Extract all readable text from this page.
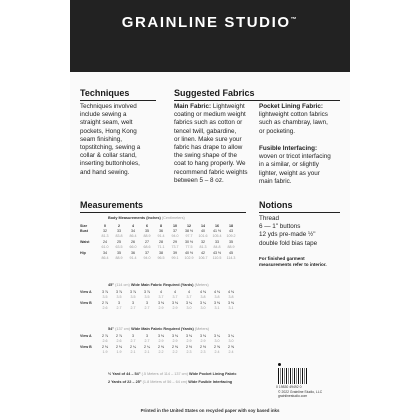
GRAINLINE STUDIO™
Techniques
Techniques involved
include sewing a
straight seam, welt
pockets, Hong Kong
seam finishing,
topstitching, sewing a
collar & collar stand,
inserting buttonholes,
and hand sewing.
Suggested Fabrics
Main Fabric: Lightweight
coating or medium weight
fabrics such as cotton or
tencel twill, gabardine,
or linen. Make sure your
fabric has drape to allow
the swing shape of the
coat to hang properly. We
recommend fabric weights
between 5 – 8 oz.
Pocket Lining Fabric:
lightweight cotton fabrics
such as chambray, lawn,
or pocketing.
Fusible Interfacing:
woven or tricot interfacing
in a similar, or slightly
lighter, weight as your
main fabric.
Measurements
Body Measurements (Inches) (Centimeters)
Size	0	2	4	6	8	10	12	14	16	18
Bust	32	33	34	35	36	37	38 ½	40	41 ½	43
	81.3	83.8	86.4	88.9	91.4	94.0	97.7	101.6	105.4	109.2
Waist	24	25	26	27	28	29	30 ½	32	33	35
	61.0	63.5	66.0	68.6	71.1	73.7	77.5	81.3	84.8	88.9
Hip	34	35	36	37	38	39	40 ½	42	43 ½	45
	86.4	88.9	91.4	94.0	96.5	99.1	102.9	106.7	110.5	114.3
45" (114 cm) Wide Main Fabric Required (Yards) (Meters)
View A	3 ⅞	3 ⅞	3 ⅞	3 ⅞	4	4	4	4 ⅛	4 ⅛	4 ⅛
	3.5	3.5	3.5	3.5	3.7	3.7	3.7	3.8	3.8	3.8
View B	2 ⅞	3	3	3	3 ⅛	3 ⅛	3 ¼	3 ¼	3 ⅜	3 ⅜
	2.6	2.7	2.7	2.7	2.9	2.9	3.0	3.0	3.1	3.1
54" (137 cm) Wide Main Fabric Required (Yards) (Meters)
View A	2 ⅞	2 ⅞	3	3	3 ⅛	3 ⅛	3 ⅛	3 ⅛	3 ¼	3 ¼
	2.6	2.6	2.7	2.7	2.9	2.9	2.9	2.9	3.0	3.0
View B	2 ⅛	2 ⅛	2 ¼	2 ¼	2 ⅜	2 ⅜	2 ½	2 ½	2 ⅝	2 ⅝
	1.9	1.9	2.1	2.1	2.2	2.2	2.3	2.3	2.4	2.4
½ Yard of 44 – 54" (.5 Meters of 114 – 137 cm) Wide Pocket Lining Fabric
2 Yards of 22 – 25" (1.8 Meters of 56 – 64 cm) Wide Fusible Interfacing
Notions
Thread
6 — 1" buttons
12 yds pre-made ½"
double fold bias tape
For finished garment
measurements refer to interior.
0 19830 49492 0
© 2022 Grainline Studio, LLC
grainlinestudio.com
Printed in the United States on recycled paper with soy based inks
